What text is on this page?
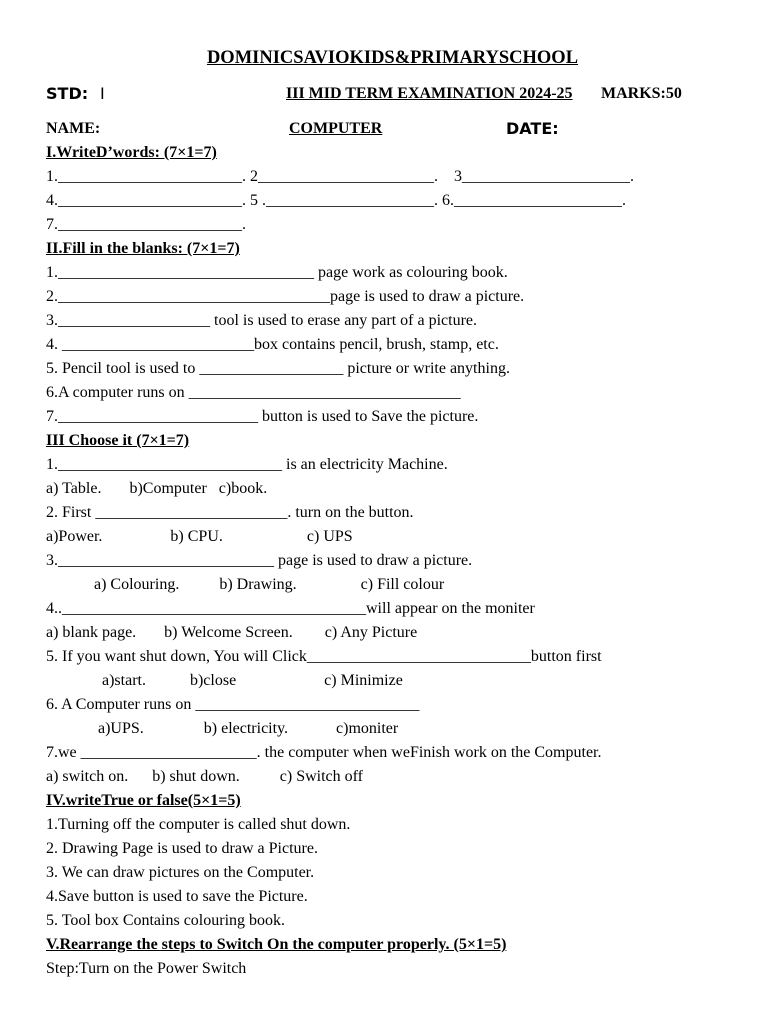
DOMINICSAVIOKIDS&PRIMARYSCHOOL
STD: I	III MID TERM EXAMINATION 2024-25 MARKS:50
NAME:	COMPUTER	DATE:
I.WriteD’words: (7×1=7)
1._______________________. 2______________________.    3_____________________.
4._______________________. 5 ._____________________. 6._____________________.
7._______________________.
II.Fill in the blanks: (7×1=7)
1.________________________________ page work as colouring book.
2.__________________________________page is used to draw a picture.
3.___________________ tool is used to erase any part of a picture.
4. ________________________box contains pencil, brush, stamp, etc.
5. Pencil tool is used to __________________ picture or write anything.
6.A computer runs on __________________________________
7._________________________ button is used to Save the picture.
III Choose it (7×1=7)
1.____________________________ is an electricity Machine.
a) Table.       b)Computer   c)book.
2. First ________________________. turn on the button.
a)Power.                 b) CPU.                     c) UPS
3.___________________________ page is used to draw a picture.
a) Colouring.          b) Drawing.                c) Fill colour
4..______________________________________will appear on the moniter
a) blank page.       b) Welcome Screen.        c) Any Picture
5. If you want shut down, You will Click____________________________button first
a)start.           b)close                      c) Minimize
6. A Computer runs on ____________________________
a)UPS.               b) electricity.            c)moniter
7.we ______________________. the computer when weFinish work on the Computer.
a) switch on.      b) shut down.          c) Switch off
IV.writeTrue or false(5×1=5)
1.Turning off the computer is called shut down.
2. Drawing Page is used to draw a Picture.
3. We can draw pictures on the Computer.
4.Save button is used to save the Picture.
5. Tool box Contains colouring book.
V.Rearrange the steps to Switch On the computer properly. (5×1=5)
Step:Turn on the Power Switch
